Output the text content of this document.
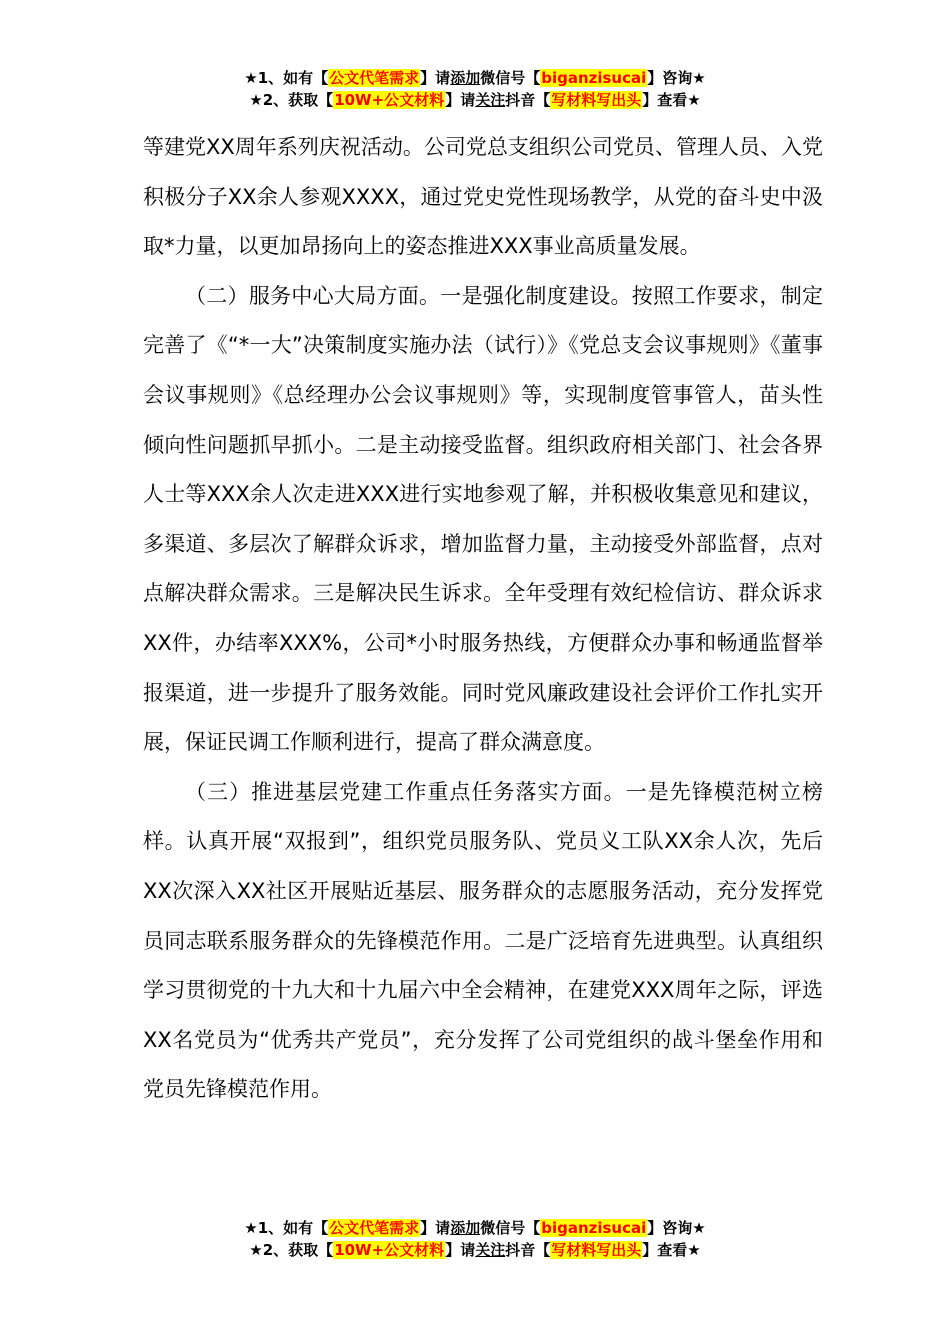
★1、如有【公文代笔需求】请添加微信号【biganzisucai】咨询★
★2、获取【10W+公文材料】请关注抖音【写材料写出头】查看★

等建党XX周年系列庆祝活动。公司党总支组织公司党员、管理人员、入党积极分子XX余人参观XXXX，通过党史党性现场教学，从党的奋斗史中汲取*力量，以更加昂扬向上的姿态推进XXX事业高质量发展。

（二）服务中心大局方面。一是强化制度建设。按照工作要求，制定完善了《“*一大”决策制度实施办法（试行）》《党总支会议事规则》《董事会议事规则》《总经理办公会议事规则》等，实现制度管事管人，苗头性倾向性问题抓早抓小。二是主动接受监督。组织政府相关部门、社会各界人士等XXX余人次走进XXX进行实地参观了解，并积极收集意见和建议，多渠道、多层次了解群众诉求，增加监督力量，主动接受外部监督，点对点解决群众需求。三是解决民生诉求。全年受理有效纪检信访、群众诉求XX件，办结率XXX%，公司*小时服务热线，方便群众办事和畅通监督举报渠道，进一步提升了服务效能。同时党风廉政建设社会评价工作扎实开展，保证民调工作顺利进行，提高了群众满意度。

（三）推进基层党建工作重点任务落实方面。一是先锋模范树立榜样。认真开展“双报到”，组织党员服务队、党员义工队XX余人次，先后XX次深入XX社区开展贴近基层、服务群众的志愿服务活动，充分发挥党员同志联系服务群众的先锋模范作用。二是广泛培育先进典型。认真组织学习贯彻党的十九大和十九届六中全会精神，在建党XXX周年之际，评选XX名党员为“优秀共产党员”，充分发挥了公司党组织的战斗堡垒作用和党员先锋模范作用。

★1、如有【公文代笔需求】请添加微信号【biganzisucai】咨询★
★2、获取【10W+公文材料】请关注抖音【写材料写出头】查看★
